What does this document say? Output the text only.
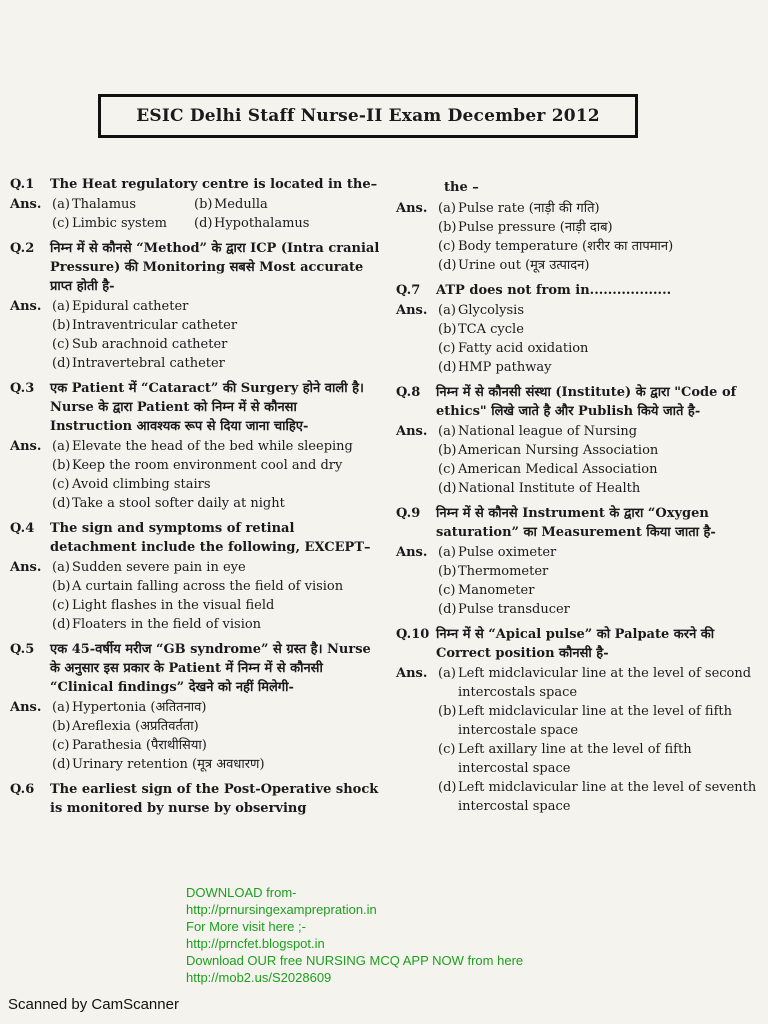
ESIC Delhi Staff Nurse-II Exam December 2012
Q.1	The Heat regulatory centre is located in the–
Ans. (a) Thalamus	(b) Medulla
(c) Limbic system (d) Hypothalamus
Q.2	निम्न में से कौनसे “Method” के द्वारा ICP (Intra cranial Pressure) की Monitoring सबसे Most accurate प्राप्त होती है-
Ans. (a) Epidural catheter
(b) Intraventricular catheter
(c) Sub arachnoid catheter
(d) Intravertebral catheter
Q.3	एक Patient में “Cataract” की Surgery होने वाली है। Nurse के द्वारा Patient को निम्न में से कौनसा Instruction आवश्यक रूप से दिया जाना चाहिए-
Ans. (a) Elevate the head of the bed while sleeping
(b) Keep the room environment cool and dry
(c) Avoid climbing stairs
(d) Take a stool softer daily at night
Q.4	The sign and symptoms of retinal detachment include the following, EXCEPT–
Ans. (a) Sudden severe pain in eye
(b) A curtain falling across the field of vision
(c) Light flashes in the visual field
(d) Floaters in the field of vision
Q.5	एक 45-वर्षीय मरीज “GB syndrome” से ग्रस्त है। Nurse के अनुसार इस प्रकार के Patient में निम्न में से कौनसी “Clinical findings” देखने को नहीं मिलेगी-
Ans. (a) Hypertonia (अतितनाव)
(b) Areflexia (अप्रतिवर्तता)
(c) Parathesia (पैराथीसिया)
(d) Urinary retention (मूत्र अवधारण)
Q.6	The earliest sign of the Post-Operative shock is monitored by nurse by observing
the –
Ans. (a) Pulse rate (नाड़ी की गति)
(b) Pulse pressure (नाड़ी दाब)
(c) Body temperature (शरीर का तापमान)
(d) Urine out (मूत्र उत्पादन)
Q.7	ATP does not from in..................
Ans. (a) Glycolysis
(b) TCA cycle
(c) Fatty acid oxidation
(d) HMP pathway
Q.8	निम्न में से कौनसी संस्था (Institute) के द्वारा "Code of ethics" लिखे जाते है और Publish किये जाते है-
Ans. (a) National league of Nursing
(b) American Nursing Association
(c) American Medical Association
(d) National Institute of Health
Q.9	निम्न में से कौनसे Instrument के द्वारा “Oxygen saturation” का Measurement किया जाता है-
Ans. (a) Pulse oximeter
(b) Thermometer
(c) Manometer
(d) Pulse transducer
Q.10 निम्न में से “Apical pulse” को Palpate करने की Correct position कौनसी है-
Ans. (a) Left midclavicular line at the level of second intercostals space
(b) Left midclavicular line at the level of fifth intercostale space
(c) Left axillary line at the level of fifth intercostal space
(d) Left midclavicular line at the level of seventh intercostal space
DOWNLOAD from-
http://prnursingexamprepration.in
For More visit here ;-
http://prncfet.blogspot.in
Download OUR free NURSING MCQ APP NOW from here
http://mob2.us/S2028609
Scanned by CamScanner
